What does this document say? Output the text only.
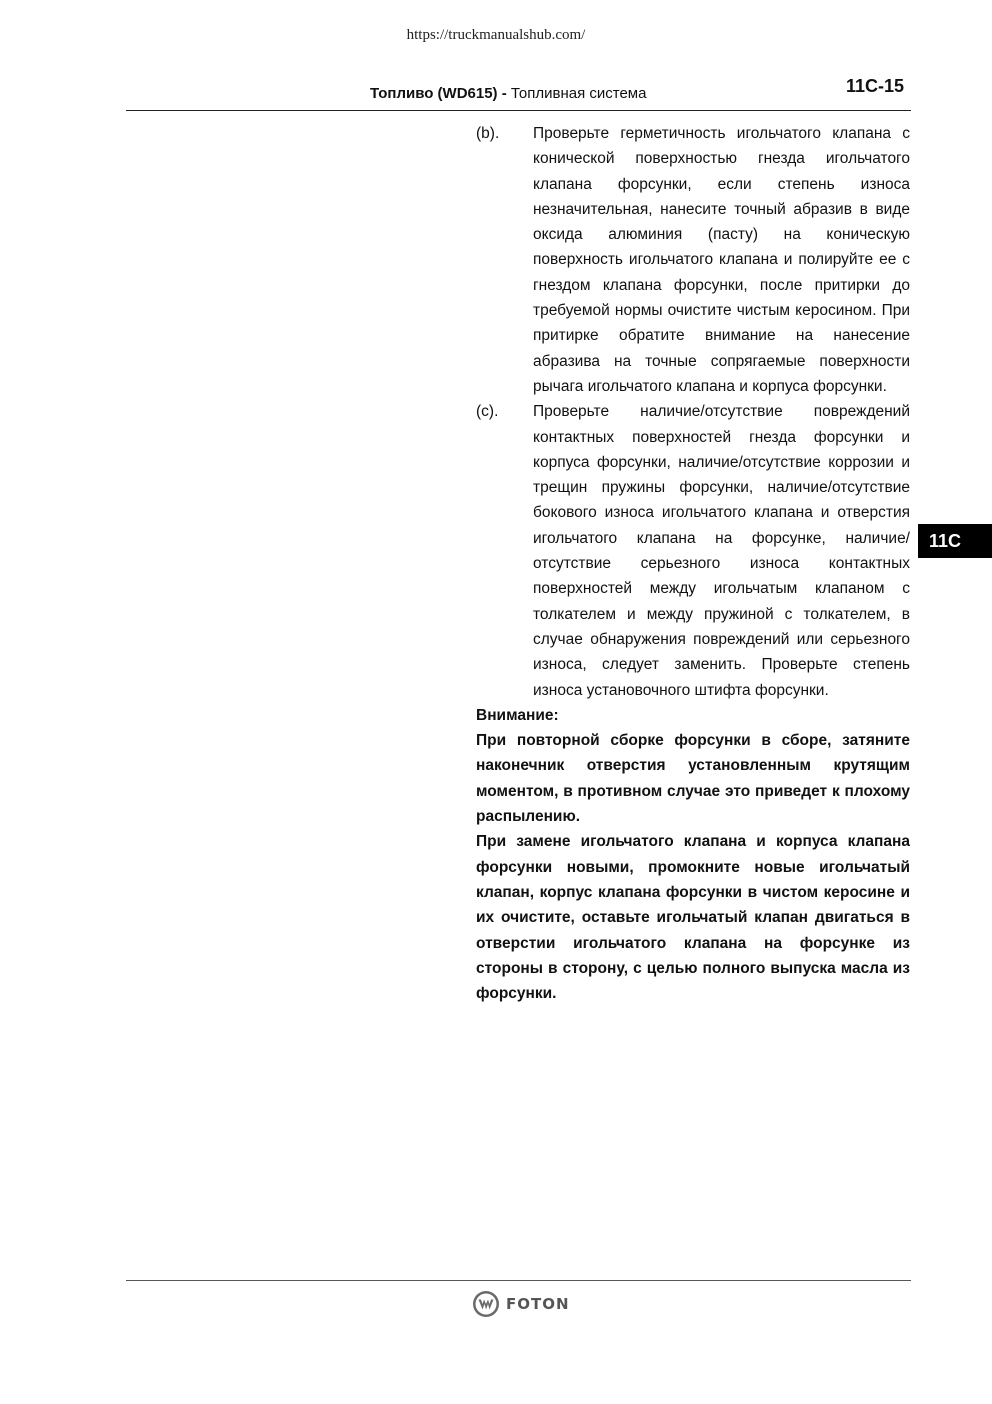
https://truckmanualshub.com/
Топливо (WD615) - Топливная система	11C-15
11C
(b).	Проверьте герметичность игольчатого клапана с конической поверхностью гнезда игольчатого клапана форсунки, если степень износа незначительная, нанесите точный абразив в виде оксида алюминия (пасту) на коническую поверхность игольчатого клапана и полируйте ее с гнездом клапана форсунки, после притирки до требуемой нормы очистите чистым керосином. При притирке обратите внимание на нанесение абразива на точные сопрягаемые поверхности рычага игольчатого клапана и корпуса форсунки.
(c).	Проверьте наличие/отсутствие повреждений контактных поверхностей гнезда форсунки и корпуса форсунки, наличие/отсутствие коррозии и трещин пружины форсунки, наличие/отсутствие бокового износа игольчатого клапана и отверстия игольчатого клапана на форсунке, наличие/отсутствие серьезного износа контактных поверхностей между игольчатым клапаном с толкателем и между пружиной с толкателем, в случае обнаружения повреждений или серьезного износа, следует заменить. Проверьте степень износа установочного штифта форсунки.
Внимание:
При повторной сборке форсунки в сборе, затяните наконечник отверстия установленным крутящим моментом, в противном случае это приведет к плохому распылению.
При замене игольчатого клапана и корпуса клапана форсунки новыми, промокните новые игольчатый клапан, корпус клапана форсунки в чистом керосине и их очистите, оставьте игольчатый клапан двигаться в отверстии игольчатого клапана на форсунке из стороны в сторону, с целью полного выпуска масла из форсунки.
FOTON
